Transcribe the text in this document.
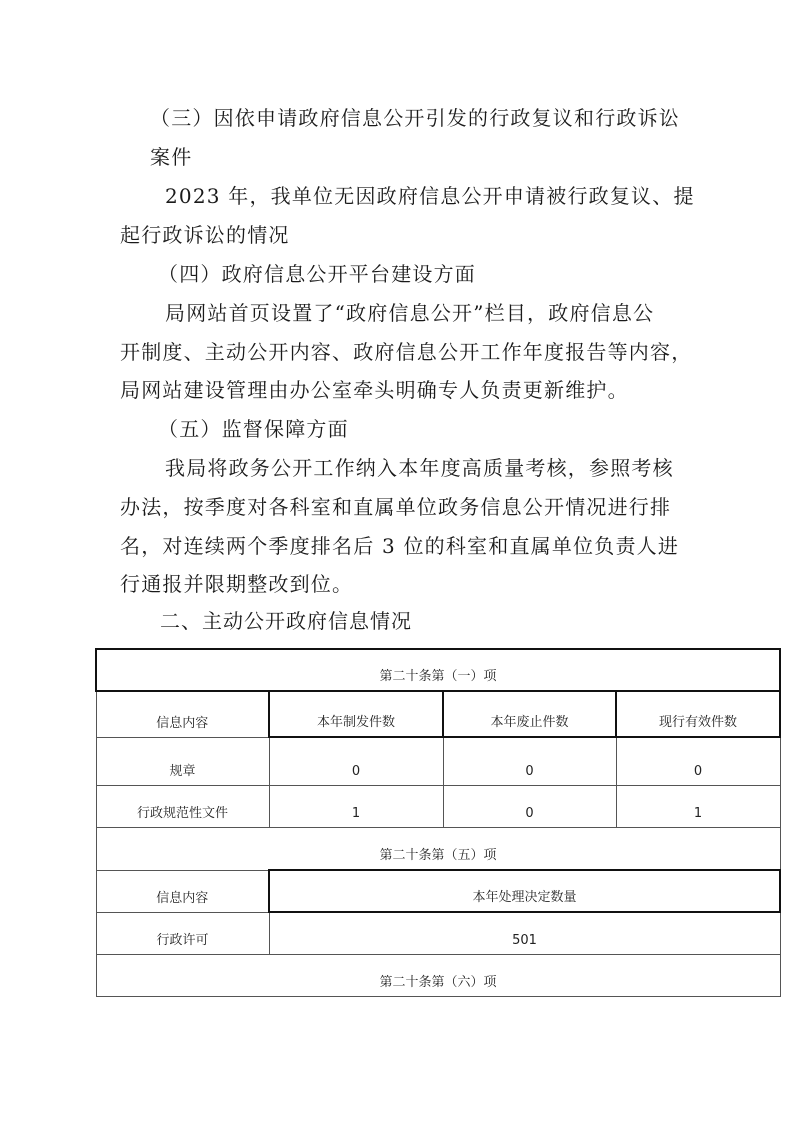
（三）因依申请政府信息公开引发的行政复议和行政诉讼
案件
2023 年，我单位无因政府信息公开申请被行政复议、提
起行政诉讼的情况
（四）政府信息公开平台建设方面
局网站首页设置了“政府信息公开”栏目，政府信息公
开制度、主动公开内容、政府信息公开工作年度报告等内容，
局网站建设管理由办公室牵头明确专人负责更新维护。
（五）监督保障方面
我局将政务公开工作纳入本年度高质量考核，参照考核
办法，按季度对各科室和直属单位政务信息公开情况进行排
名，对连续两个季度排名后 3 位的科室和直属单位负责人进
行通报并限期整改到位。
二、主动公开政府信息情况
第二十条第（一）项			
信息内容	本年制发件数	本年废止件数	现行有效件数
规章	0	0	0
行政规范性文件	1	0	1
第二十条第（五）项			
信息内容	本年处理决定数量		
行政许可	501		
第二十条第（六）项			
